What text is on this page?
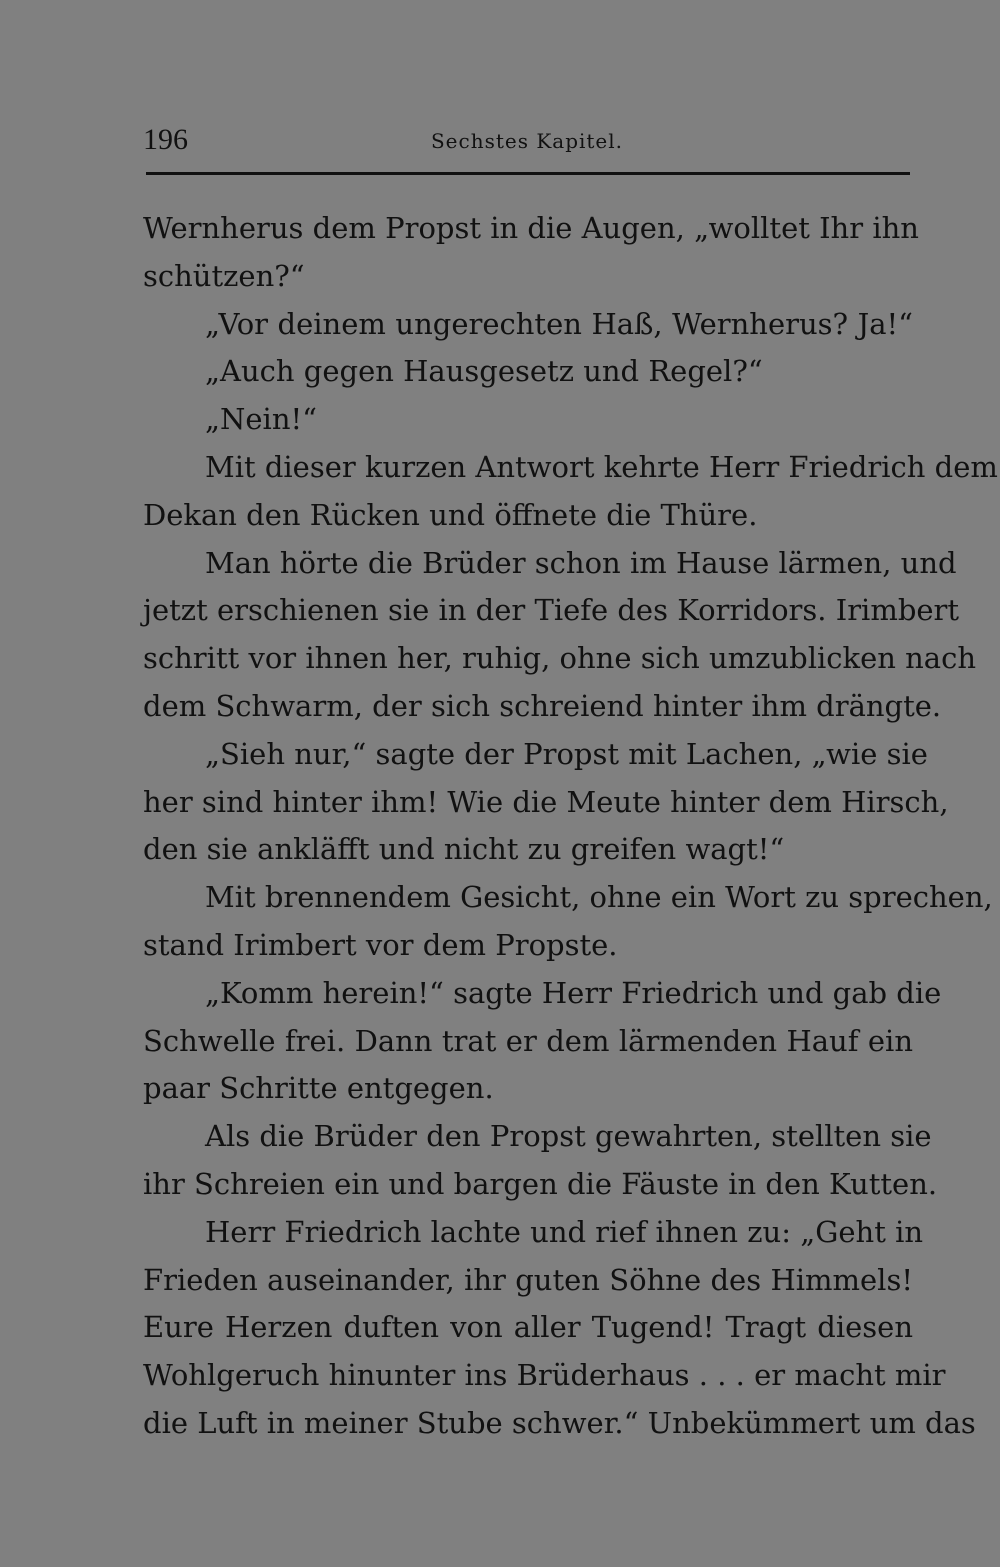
196	Sechstes Kapitel.
Wernherus dem Propst in die Augen, „wolltet Ihr ihn
schützen?“
„Vor deinem ungerechten Haß, Wernherus? Ja!“
„Auch gegen Hausgesetz und Regel?“
„Nein!“
Mit dieser kurzen Antwort kehrte Herr Friedrich dem
Dekan den Rücken und öffnete die Thüre.
Man hörte die Brüder schon im Hause lärmen, und
jetzt erschienen sie in der Tiefe des Korridors. Irimbert
schritt vor ihnen her, ruhig, ohne sich umzublicken nach
dem Schwarm, der sich schreiend hinter ihm drängte.
„Sieh nur,“ sagte der Propst mit Lachen, „wie sie
her sind hinter ihm! Wie die Meute hinter dem Hirsch,
den sie ankläfft und nicht zu greifen wagt!“
Mit brennendem Gesicht, ohne ein Wort zu sprechen,
stand Irimbert vor dem Propste.
„Komm herein!“ sagte Herr Friedrich und gab die
Schwelle frei. Dann trat er dem lärmenden Hauf ein
paar Schritte entgegen.
Als die Brüder den Propst gewahrten, stellten sie
ihr Schreien ein und bargen die Fäuste in den Kutten.
Herr Friedrich lachte und rief ihnen zu: „Geht in
Frieden auseinander, ihr guten Söhne des Himmels!
Eure Herzen duften von aller Tugend! Tragt diesen
Wohlgeruch hinunter ins Brüderhaus . . . er macht mir
die Luft in meiner Stube schwer.“ Unbekümmert um das
